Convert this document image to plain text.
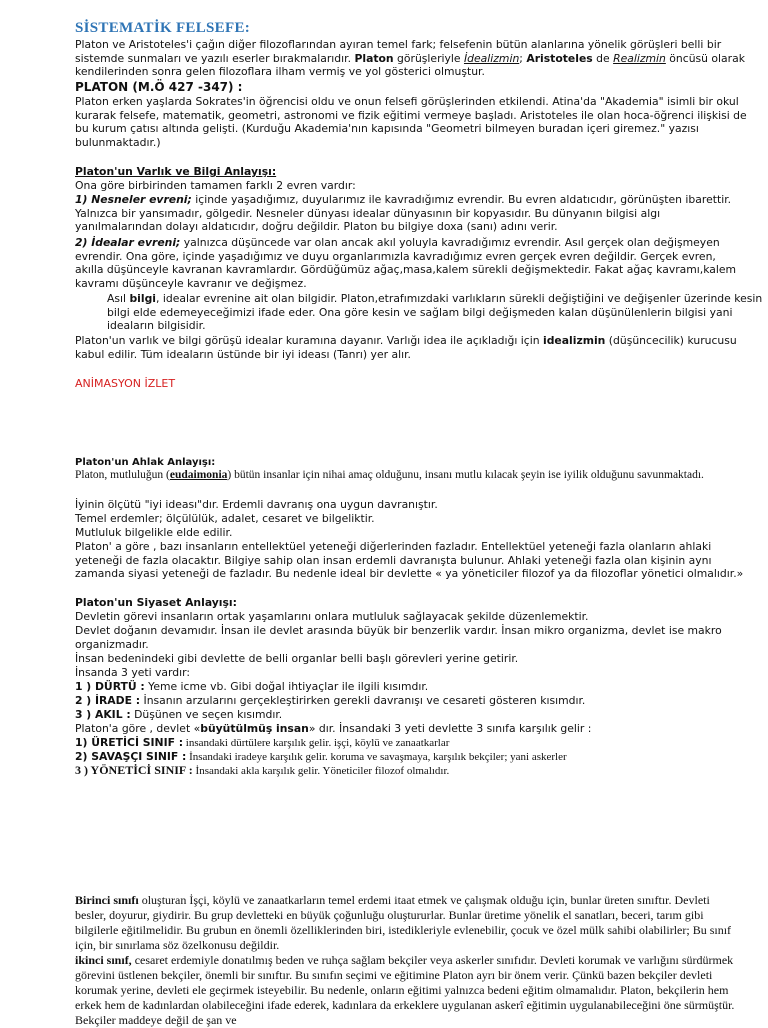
SİSTEMATİK FELSEFE:

Platon ve Aristoteles'i çağın diğer filozoflarından ayıran temel fark; felsefenin bütün alanlarına yönelik görüşleri belli bir sistemde sunmaları ve yazılı eserler bırakmalarıdır. Platon görüşleriyle İdealizmin; Aristoteles de Realizmin öncüsü olarak kendilerinden sonra gelen filozoflara ilham vermiş ve yol gösterici olmuştur.

PLATON (M.Ö 427 -347) :

Platon erken yaşlarda Sokrates'in öğrencisi oldu ve onun felsefi görüşlerinden etkilendi. Atina'da "Akademia" isimli bir okul kurarak felsefe, matematik, geometri, astronomi ve fizik eğitimi vermeye başladı. Aristoteles ile olan hoca-öğrenci ilişkisi de bu kurum çatısı altında gelişti. (Kurduğu Akademia'nın kapısında "Geometri bilmeyen buradan içeri giremez." yazısı bulunmaktadır.)

Platon'un Varlık ve Bilgi Anlayışı:

Ona göre birbirinden tamamen farklı 2 evren vardır:

1) Nesneler evreni; içinde yaşadığımız, duyularımız ile kavradığımız evrendir. Bu evren aldatıcıdır, görünüşten ibarettir. Yalnızca bir yansımadır, gölgedir. Nesneler dünyası idealar dünyasının bir kopyasıdır. Bu dünyanın bilgisi algı yanılmalarından dolayı aldatıcıdır, doğru değildir. Platon bu bilgiye doxa (sanı) adını verir.

2) İdealar evreni; yalnızca düşüncede var olan ancak akıl yoluyla kavradığımız evrendir. Asıl gerçek olan değişmeyen evrendir. Ona göre, içinde yaşadığımız ve duyu organlarımızla kavradığımız evren gerçek evren değildir. Gerçek evren, akılla düşünceyle kavranan kavramlardır. Gördüğümüz ağaç,masa,kalem sürekli değişmektedir. Fakat ağaç kavramı,kalem kavramı düşünceyle kavranır ve değişmez.

Asıl bilgi, idealar evrenine ait olan bilgidir. Platon,etrafımızdaki varlıkların sürekli değiştiğini ve değişenler üzerinde kesin bilgi elde edemeyeceğimizi ifade eder. Ona göre kesin ve sağlam bilgi değişmeden kalan düşünülenlerin bilgisi yani ideaların bilgisidir.

Platon'un varlık ve bilgi görüşü idealar kuramına dayanır. Varlığı idea ile açıkladığı için idealizmin (düşüncecilik) kurucusu kabul edilir. Tüm ideaların üstünde bir iyi ideası (Tanrı) yer alır.

ANİMASYON İZLET
Platon'un Ahlak Anlayışı:

Platon, mutluluğun (eudaimonia) bütün insanlar için nihai amaç olduğunu, insanı mutlu kılacak şeyin ise iyilik olduğunu savunmaktadı.

İyinin ölçütü "iyi ideası"dır. Erdemli davranış ona uygun davranıştır.

Temel erdemler; ölçülülük, adalet, cesaret ve bilgeliktir.

Mutluluk bilgelikle elde edilir.

Platon' a göre , bazı insanların entellektüel yeteneği diğerlerinden fazladır. Entellektüel yeteneği fazla olanların ahlaki yeteneği de fazla olacaktır. Bilgiye sahip olan insan erdemli davranışta bulunur. Ahlaki yeteneği fazla olan kişinin aynı zamanda siyasi yeteneği de fazladır. Bu nedenle ideal bir devlette « ya yöneticiler filozof ya da filozoflar yönetici olmalıdır.»

Platon'un Siyaset Anlayışı:

Devletin görevi insanların ortak yaşamlarını onlara mutluluk sağlayacak şekilde düzenlemektir.

Devlet doğanın devamıdır. İnsan ile devlet arasında büyük bir benzerlik vardır. İnsan mikro organizma, devlet ise makro organizmadır.

İnsan bedenindeki gibi devlette de belli organlar belli başlı görevleri yerine getirir.

İnsanda 3 yeti vardır:

1 ) DÜRTÜ : Yeme icme vb. Gibi doğal ihtiyaçlar ile ilgili kısımdır.

2 ) İRADE : İnsanın arzularını gerçekleştirirken gerekli davranışı ve cesareti gösteren kısımdır.

3 ) AKIL : Düşünen ve seçen kısımdır.

Platon'a göre , devlet «büyütülmüş insan» dır. İnsandaki 3 yeti devlette 3 sınıfa karşılık gelir :

1) ÜRETİCİ SINIF : insandaki dürtülere karşılık gelir. işçi, köylü ve zanaatkarlar

2) SAVAŞÇI SINIF : İnsandaki iradeye karşılık gelir. koruma ve savaşmaya, karşılık bekçiler; yani askerler

3 ) YÖNETİCİ SINIF : İnsandaki akla karşılık gelir. Yöneticiler filozof olmalıdır.

Birinci sınıfı oluşturan İşçi, köylü ve zanaatkarların temel erdemi itaat etmek ve çalışmak olduğu için, bunlar üreten sınıftır. Devleti besler, doyurur, giydirir. Bu grup devletteki en büyük çoğunluğu oluştururlar. Bunlar üretime yönelik el sanatları, beceri, tarım gibi bilgilerle eğitilmelidir. Bu grubun en önemli özelliklerinden biri, istedikleriyle evlenebilir, çocuk ve özel mülk sahibi olabilirler; Bu sınıf için, bir sınırlama söz özelkonusu değildir.

ikinci sınıf, cesaret erdemiyle donatılmış beden ve ruhça sağlam bekçiler veya askerler sınıfıdır. Devleti korumak ve varlığını sürdürmek görevini üstlenen bekçiler, önemli bir sınıftır. Bu sınıfın seçimi ve eğitimine Platon ayrı bir önem verir. Çünkü bazen bekçiler devleti korumak yerine, devleti ele geçirmek isteyebilir. Bu nedenle, onların eğitimi yalnızca bedeni eğitim olmamalıdır. Platon, bekçilerin hem erkek hem de kadınlardan olabileceğini ifade ederek, kadınlara da erkeklere uygulanan askerî eğitimin uygulanabileceğini öne sürmüştür. Bekçiler maddeye değil de şan ve
